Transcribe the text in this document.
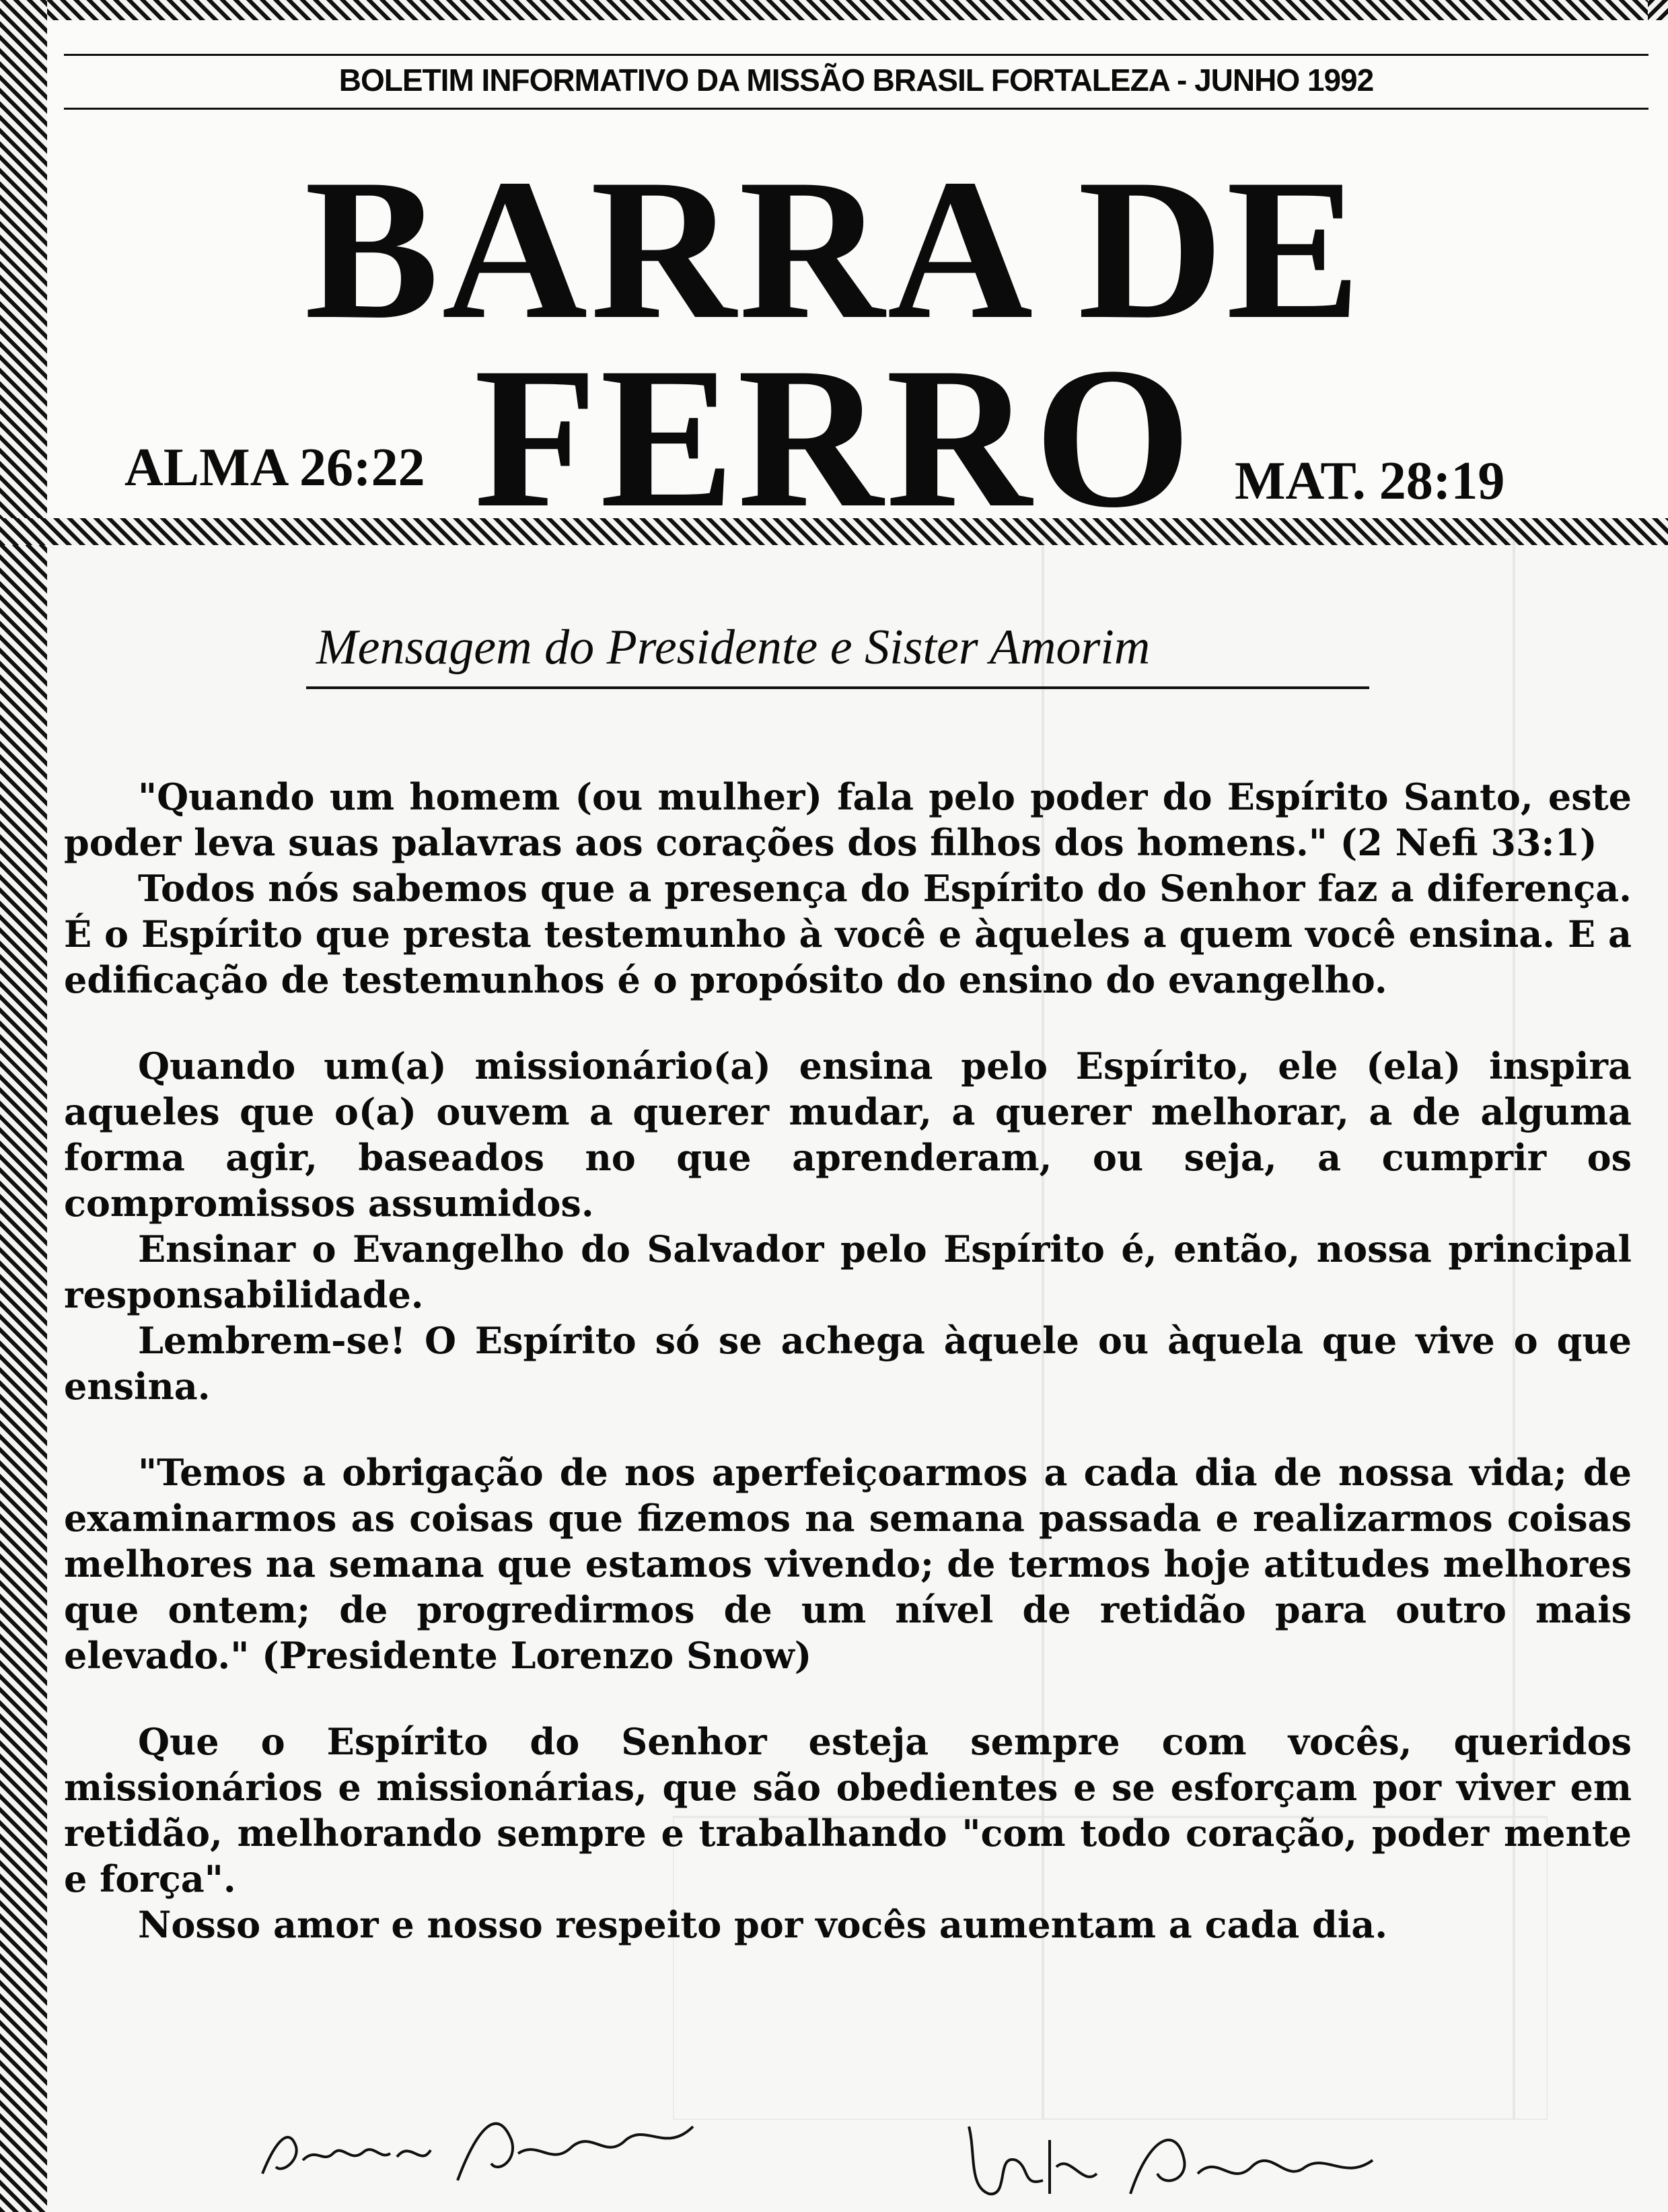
BOLETIM INFORMATIVO DA MISSÃO BRASIL FORTALEZA - JUNHO 1992
BARRA DE
FERRO
ALMA 26:22	MAT. 28:19
Mensagem do Presidente e Sister Amorim

"Quando um homem (ou mulher) fala pelo poder do Espírito Santo, este poder leva suas palavras aos corações dos filhos dos homens." (2 Nefi 33:1)

Todos nós sabemos que a presença do Espírito do Senhor faz a diferença. É o Espírito que presta testemunho à você e àqueles a quem você ensina. E a edificação de testemunhos é o propósito do ensino do evangelho.

Quando um(a) missionário(a) ensina pelo Espírito, ele (ela) inspira aqueles que o(a) ouvem a querer mudar, a querer melhorar, a de alguma forma agir, baseados no que aprenderam, ou seja, a cumprir os compromissos assumidos.

Ensinar o Evangelho do Salvador pelo Espírito é, então, nossa principal responsabilidade.

Lembrem-se! O Espírito só se achega àquele ou àquela que vive o que ensina.

"Temos a obrigação de nos aperfeiçoarmos a cada dia de nossa vida; de examinarmos as coisas que fizemos na semana passada e realizarmos coisas melhores na semana que estamos vivendo; de termos hoje atitudes melhores que ontem; de progredirmos de um nível de retidão para outro mais elevado." (Presidente Lorenzo Snow)

Que o Espírito do Senhor esteja sempre com vocês, queridos missionários e missionárias, que são obedientes e se esforçam por viver em retidão, melhorando sempre e trabalhando "com todo coração, poder mente e força".

Nosso amor e nosso respeito por vocês aumentam a cada dia.
